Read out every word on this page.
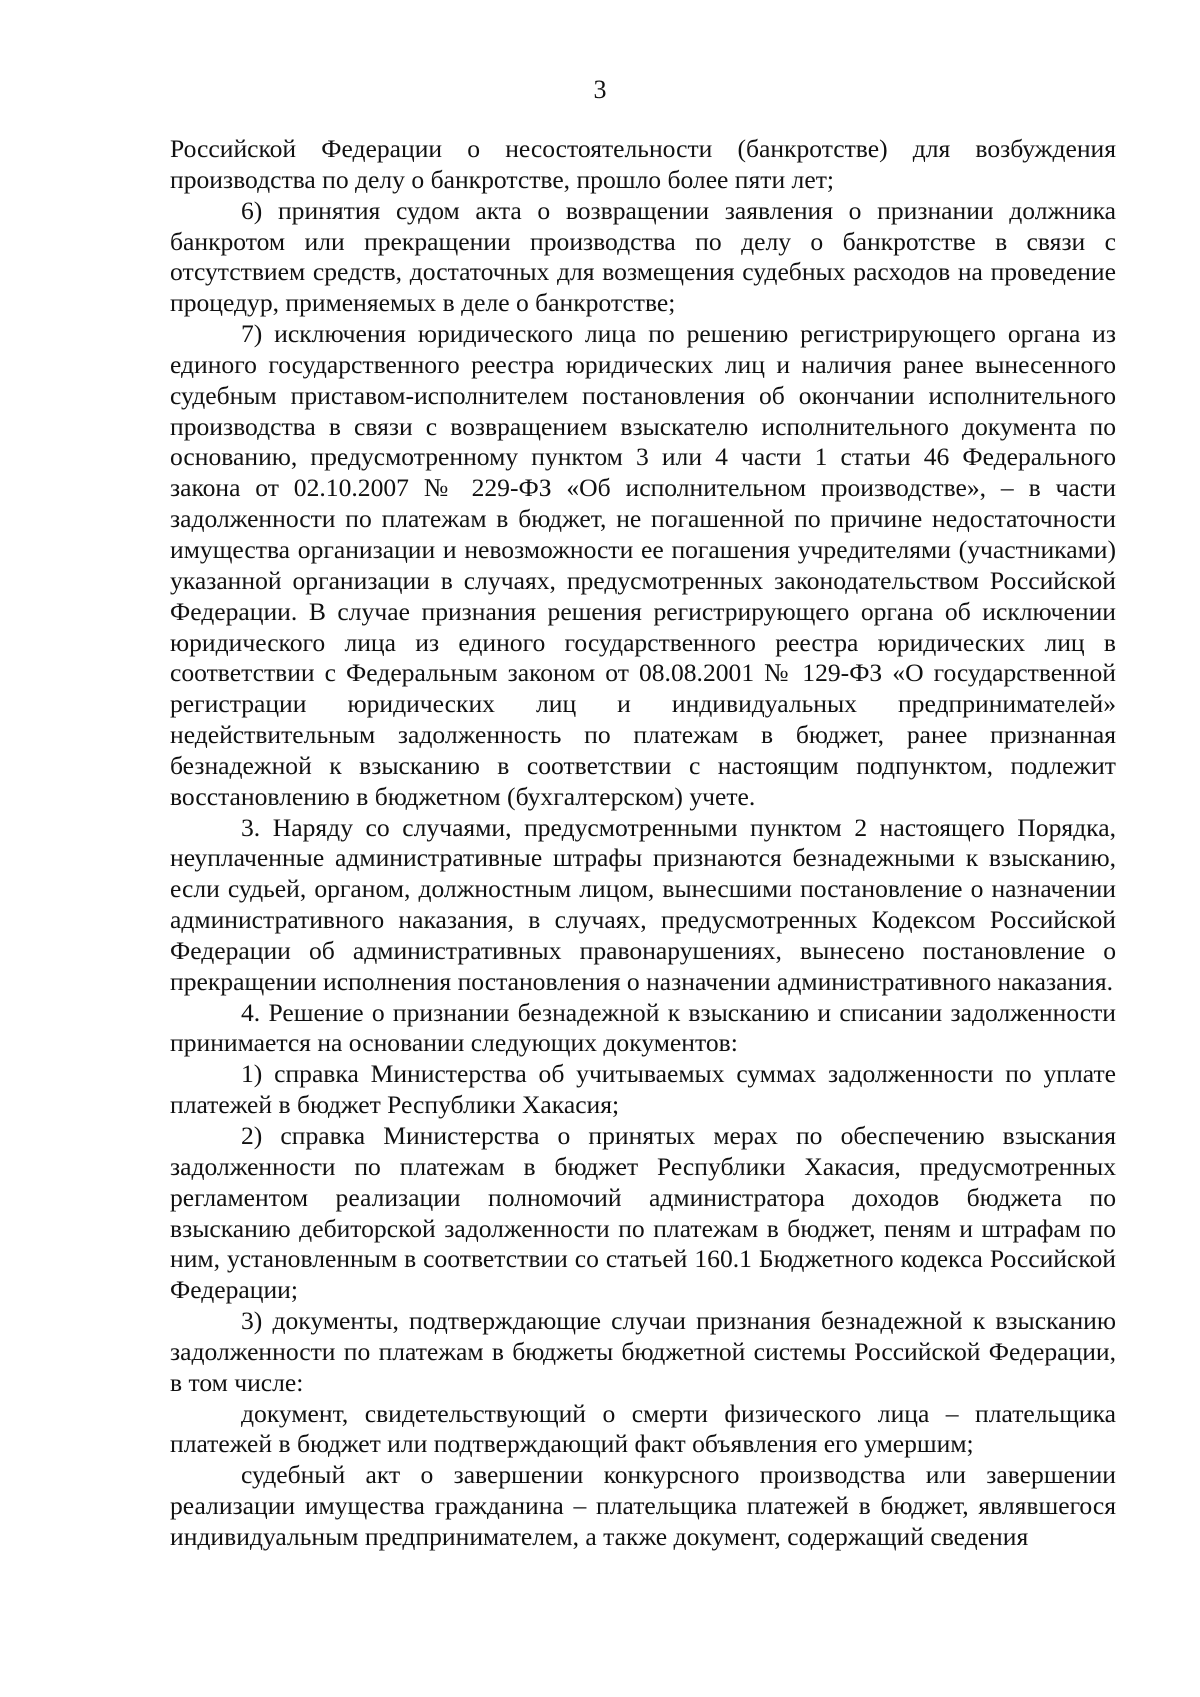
3

Российской Федерации о несостоятельности (банкротстве) для возбуждения производства по делу о банкротстве, прошло более пяти лет;

6) принятия судом акта о возвращении заявления о признании должника банкротом или прекращении производства по делу о банкротстве в связи с отсутствием средств, достаточных для возмещения судебных расходов на проведение процедур, применяемых в деле о банкротстве;

7) исключения юридического лица по решению регистрирующего органа из единого государственного реестра юридических лиц и наличия ранее вынесенного судебным приставом-исполнителем постановления об окончании исполнительного производства в связи с возвращением взыскателю исполнительного документа по основанию, предусмотренному пунктом 3 или 4 части 1 статьи 46 Федерального закона от 02.10.2007 № 229-ФЗ «Об исполнительном производстве», – в части задолженности по платежам в бюджет, не погашенной по причине недостаточности имущества организации и невозможности ее погашения учредителями (участниками) указанной организации в случаях, предусмотренных законодательством Российской Федерации. В случае признания решения регистрирующего органа об исключении юридического лица из единого государственного реестра юридических лиц в соответствии с Федеральным законом от 08.08.2001 № 129-ФЗ «О государственной регистрации юридических лиц и индивидуальных предпринимателей» недействительным задолженность по платежам в бюджет, ранее признанная безнадежной к взысканию в соответствии с настоящим подпунктом, подлежит восстановлению в бюджетном (бухгалтерском) учете.

3. Наряду со случаями, предусмотренными пунктом 2 настоящего Порядка, неуплаченные административные штрафы признаются безнадежными к взысканию, если судьей, органом, должностным лицом, вынесшими постановление о назначении административного наказания, в случаях, предусмотренных Кодексом Российской Федерации об административных правонарушениях, вынесено постановление о прекращении исполнения постановления о назначении административного наказания.

4. Решение о признании безнадежной к взысканию и списании задолженности принимается на основании следующих документов:

1) справка Министерства об учитываемых суммах задолженности по уплате платежей в бюджет Республики Хакасия;

2) справка Министерства о принятых мерах по обеспечению взыскания задолженности по платежам в бюджет Республики Хакасия, предусмотренных регламентом реализации полномочий администратора доходов бюджета по взысканию дебиторской задолженности по платежам в бюджет, пеням и штрафам по ним, установленным в соответствии со статьей 160.1 Бюджетного кодекса Российской Федерации;

3) документы, подтверждающие случаи признания безнадежной к взысканию задолженности по платежам в бюджеты бюджетной системы Российской Федерации, в том числе:

документ, свидетельствующий о смерти физического лица – плательщика платежей в бюджет или подтверждающий факт объявления его умершим;

судебный акт о завершении конкурсного производства или завершении реализации имущества гражданина – плательщика платежей в бюджет, являвшегося индивидуальным предпринимателем, а также документ, содержащий сведения
